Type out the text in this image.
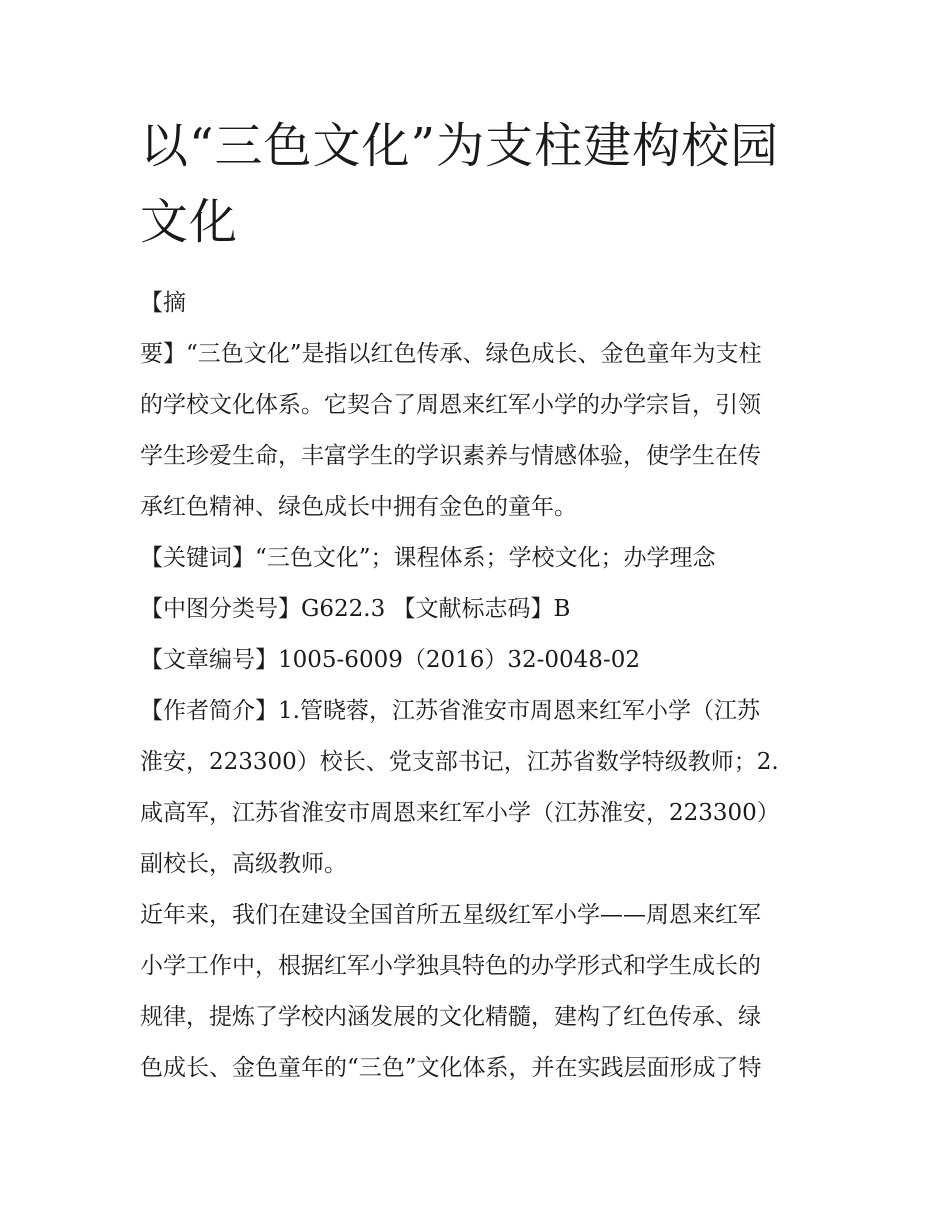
以“三色文化”为支柱建构校园
文化

【摘
要】“三色文化”是指以红色传承、绿色成长、金色童年为支柱
的学校文化体系。它契合了周恩来红军小学的办学宗旨，引领
学生珍爱生命，丰富学生的学识素养与情感体验，使学生在传
承红色精神、绿色成长中拥有金色的童年。

【关键词】“三色文化”；课程体系；学校文化；办学理念

【中图分类号】G622.3 【文献标志码】B

【文章编号】1005-6009（2016）32-0048-02

【作者简介】1.管晓蓉，江苏省淮安市周恩来红军小学（江苏
淮安，223300）校长、党支部书记，江苏省数学特级教师；2.
咸高军，江苏省淮安市周恩来红军小学（江苏淮安，223300）
副校长，高级教师。

近年来，我们在建设全国首所五星级红军小学——周恩来红军
小学工作中，根据红军小学独具特色的办学形式和学生成长的
规律，提炼了学校内涵发展的文化精髓，建构了红色传承、绿
色成长、金色童年的“三色”文化体系，并在实践层面形成了特
